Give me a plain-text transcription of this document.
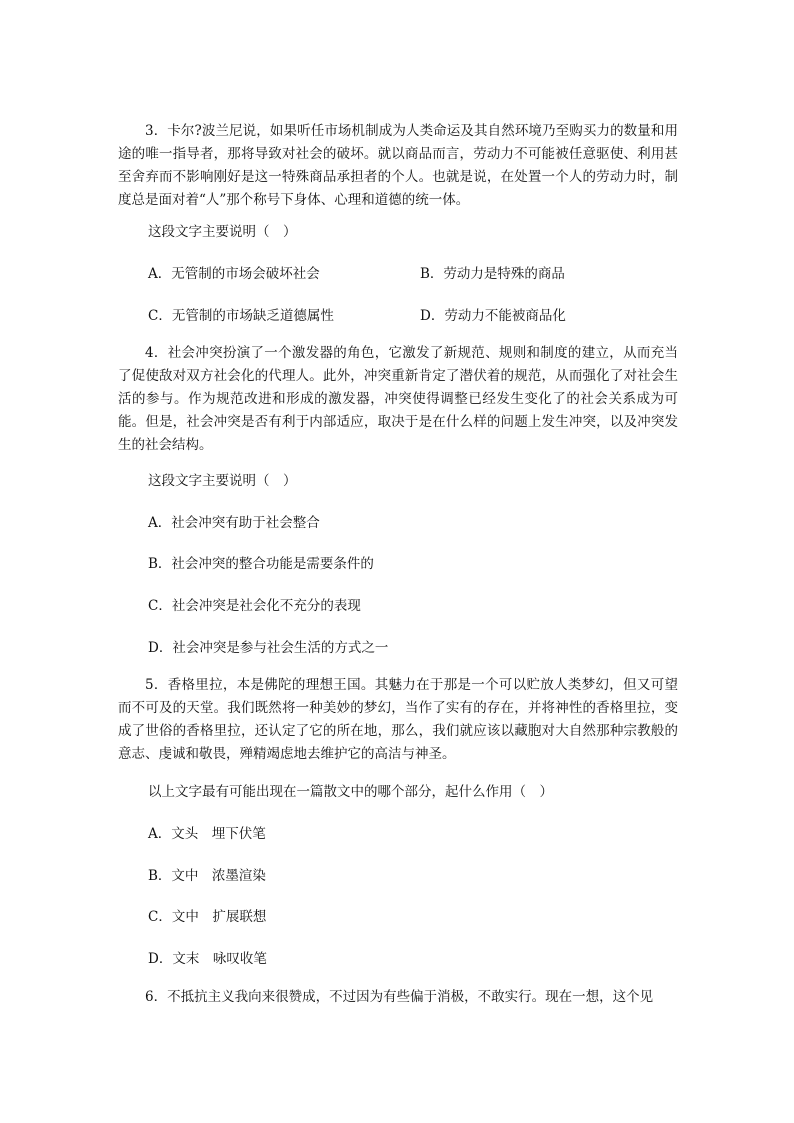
3．卡尔?波兰尼说，如果听任市场机制成为人类命运及其自然环境乃至购买力的数量和用途的唯一指导者，那将导致对社会的破坏。就以商品而言，劳动力不可能被任意驱使、利用甚至舍弃而不影响刚好是这一特殊商品承担者的个人。也就是说，在处置一个人的劳动力时，制度总是面对着“人”那个称号下身体、心理和道德的统一体。

这段文字主要说明（　）

A．无管制的市场会破坏社会	B．劳动力是特殊的商品

C．无管制的市场缺乏道德属性	D．劳动力不能被商品化

4．社会冲突扮演了一个激发器的角色，它激发了新规范、规则和制度的建立，从而充当了促使敌对双方社会化的代理人。此外，冲突重新肯定了潜伏着的规范，从而强化了对社会生活的参与。作为规范改进和形成的激发器，冲突使得调整已经发生变化了的社会关系成为可能。但是，社会冲突是否有利于内部适应，取决于是在什么样的问题上发生冲突，以及冲突发生的社会结构。

这段文字主要说明（　）

A．社会冲突有助于社会整合

B．社会冲突的整合功能是需要条件的

C．社会冲突是社会化不充分的表现

D．社会冲突是参与社会生活的方式之一

5．香格里拉，本是佛陀的理想王国。其魅力在于那是一个可以贮放人类梦幻，但又可望而不可及的天堂。我们既然将一种美妙的梦幻，当作了实有的存在，并将神性的香格里拉，变成了世俗的香格里拉，还认定了它的所在地，那么，我们就应该以藏胞对大自然那种宗教般的意志、虔诚和敬畏，殚精竭虑地去维护它的高洁与神圣。

以上文字最有可能出现在一篇散文中的哪个部分，起什么作用（　）

A．文头　埋下伏笔

B．文中　浓墨渲染

C．文中　扩展联想

D．文末　咏叹收笔

6．不抵抗主义我向来很赞成，不过因为有些偏于消极，不敢实行。现在一想，这个见
